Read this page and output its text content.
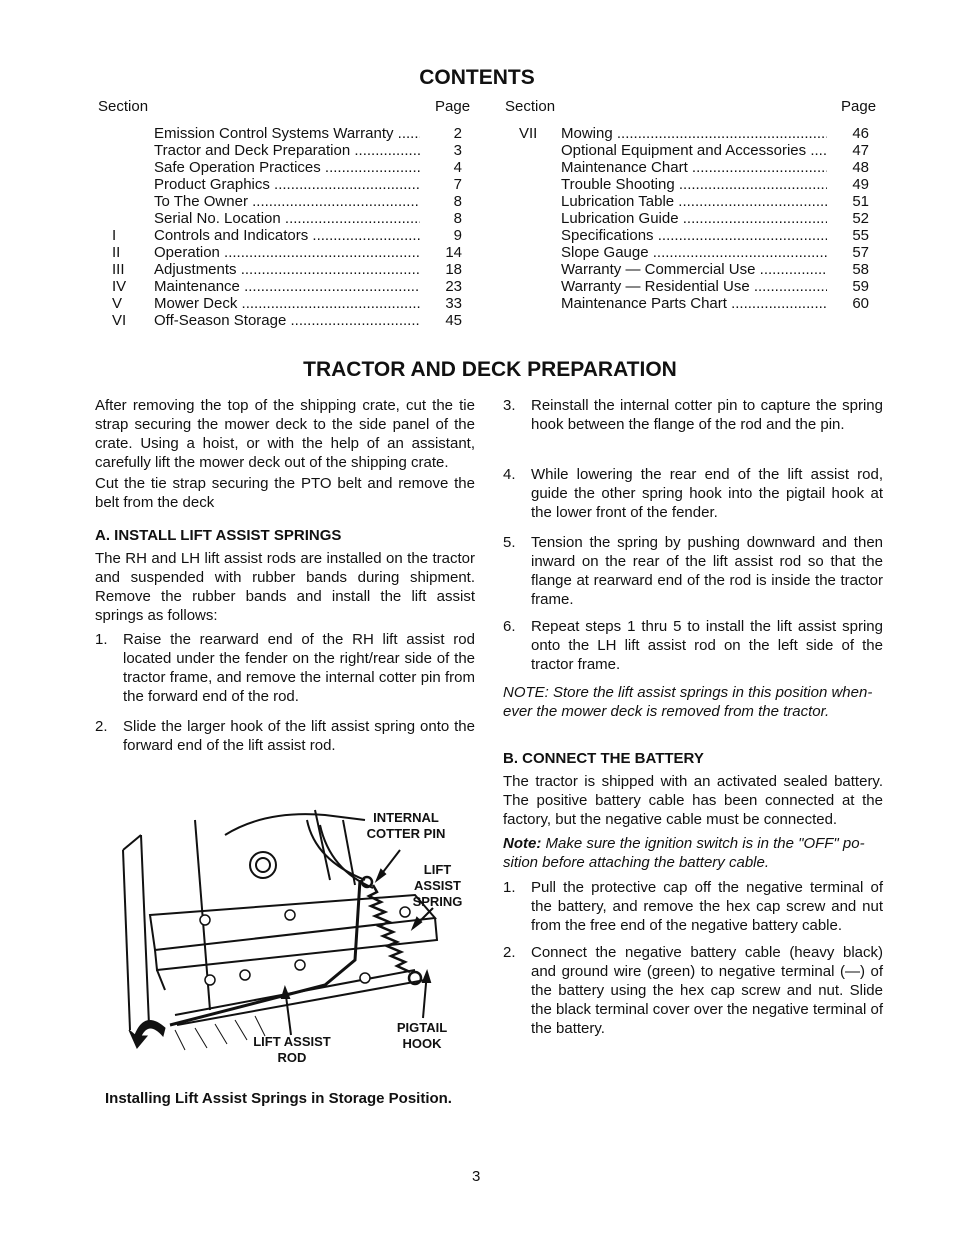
CONTENTS
Section	Page Section	Page
Emission Control Systems Warranty .....	2
Tractor and Deck Preparation .....	3
Safe Operation Practices .....	4
Product Graphics .....	7
To The Owner .....	8
Serial No. Location .....	8
I	Controls and Indicators .....	9
II Operation .....	14
III Adjustments .....	18
IV Maintenance .....	23
V Mower Deck .....	33
VI Off-Season Storage .....	45
VII Mowing .....	46
Optional Equipment and Accessories .....	47
Maintenance Chart .....	48
Trouble Shooting .....	49
Lubrication Table .....	51
Lubrication Guide .....	52
Specifications .....	55
Slope Gauge .....	57
Warranty — Commercial Use .....	58
Warranty — Residential Use .....	59
Maintenance Parts Chart .....	60
TRACTOR AND DECK PREPARATION
After removing the top of the shipping crate, cut the tie strap securing the mower deck to the side panel of the crate. Using a hoist, or with the help of an assistant, carefully lift the mower deck out of the shipping crate.
Cut the tie strap securing the PTO belt and remove the belt from the deck
A. INSTALL LIFT ASSIST SPRINGS
The RH and LH lift assist rods are installed on the tractor and suspended with rubber bands during shipment. Remove the rubber bands and install the lift assist springs as follows:
1. Raise the rearward end of the RH lift assist rod located under the fender on the right/rear side of the tractor frame, and remove the internal cotter pin from the forward end of the rod.
2. Slide the larger hook of the lift assist spring onto the forward end of the lift assist rod.
INTERNAL
COTTER PIN
LIFT
ASSIST
SPRING
LIFT ASSIST
ROD
PIGTAIL
HOOK
Installing Lift Assist Springs in Storage Position.
3. Reinstall the internal cotter pin to capture the spring hook between the flange of the rod and the pin.
4. While lowering the rear end of the lift assist rod, guide the other spring hook into the pigtail hook at the lower front of the fender.
5. Tension the spring by pushing downward and then inward on the rear of the lift assist rod so that the flange at rearward end of the rod is inside the tractor frame.
6. Repeat steps 1 thru 5 to install the lift assist spring onto the LH lift assist rod on the left side of the tractor frame.
NOTE: Store the lift assist springs in this position when-ever the mower deck is removed from the tractor.
B. CONNECT THE BATTERY
The tractor is shipped with an activated sealed battery. The positive battery cable has been connected at the factory, but the negative cable must be connected.
Note: Make sure the ignition switch is in the "OFF" po-sition before attaching the battery cable.
1. Pull the protective cap off the negative terminal of the battery, and remove the hex cap screw and nut from the free end of the negative battery cable.
2. Connect the negative battery cable (heavy black) and ground wire (green) to negative terminal (—) of the battery using the hex cap screw and nut. Slide the black terminal cover over the negative terminal of the battery.
3
